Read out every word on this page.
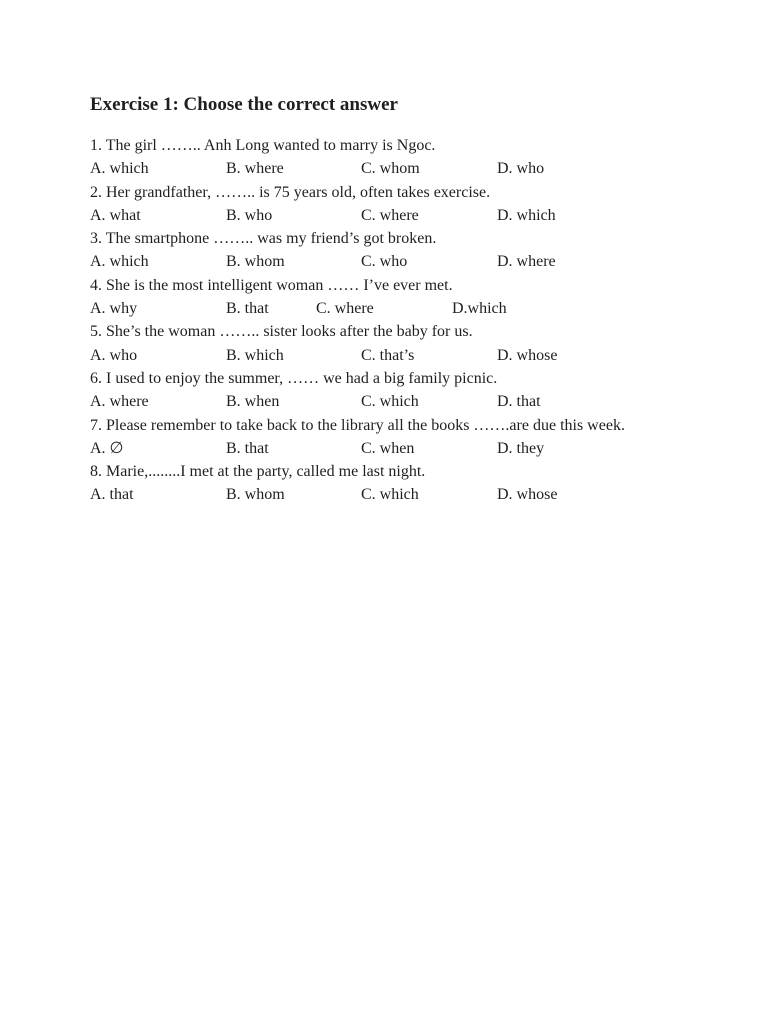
Exercise 1: Choose the correct answer
1. The girl …….. Anh Long wanted to marry is Ngoc.
A. which	B. where	C. whom	D. who
2. Her grandfather, …….. is 75 years old, often takes exercise.
A. what	B. who	C. where	D. which
3. The smartphone …….. was my friend’s got broken.
A. which	B. whom	C. who	D. where
4. She is the most intelligent woman …… I’ve ever met.
A. why	B. that	C. where	D.which
5. She’s the woman …….. sister looks after the baby for us.
A. who	B. which	C. that’s	D. whose
6. I used to enjoy the summer, …… we had a big family picnic.
A. where	B. when	C. which	D. that
7. Please remember to take back to the library all the books …….are due this week.
A. ∅	B. that	C. when	D. they
8. Marie,........I met at the party, called me last night.
A. that	B. whom	C. which	D. whose
